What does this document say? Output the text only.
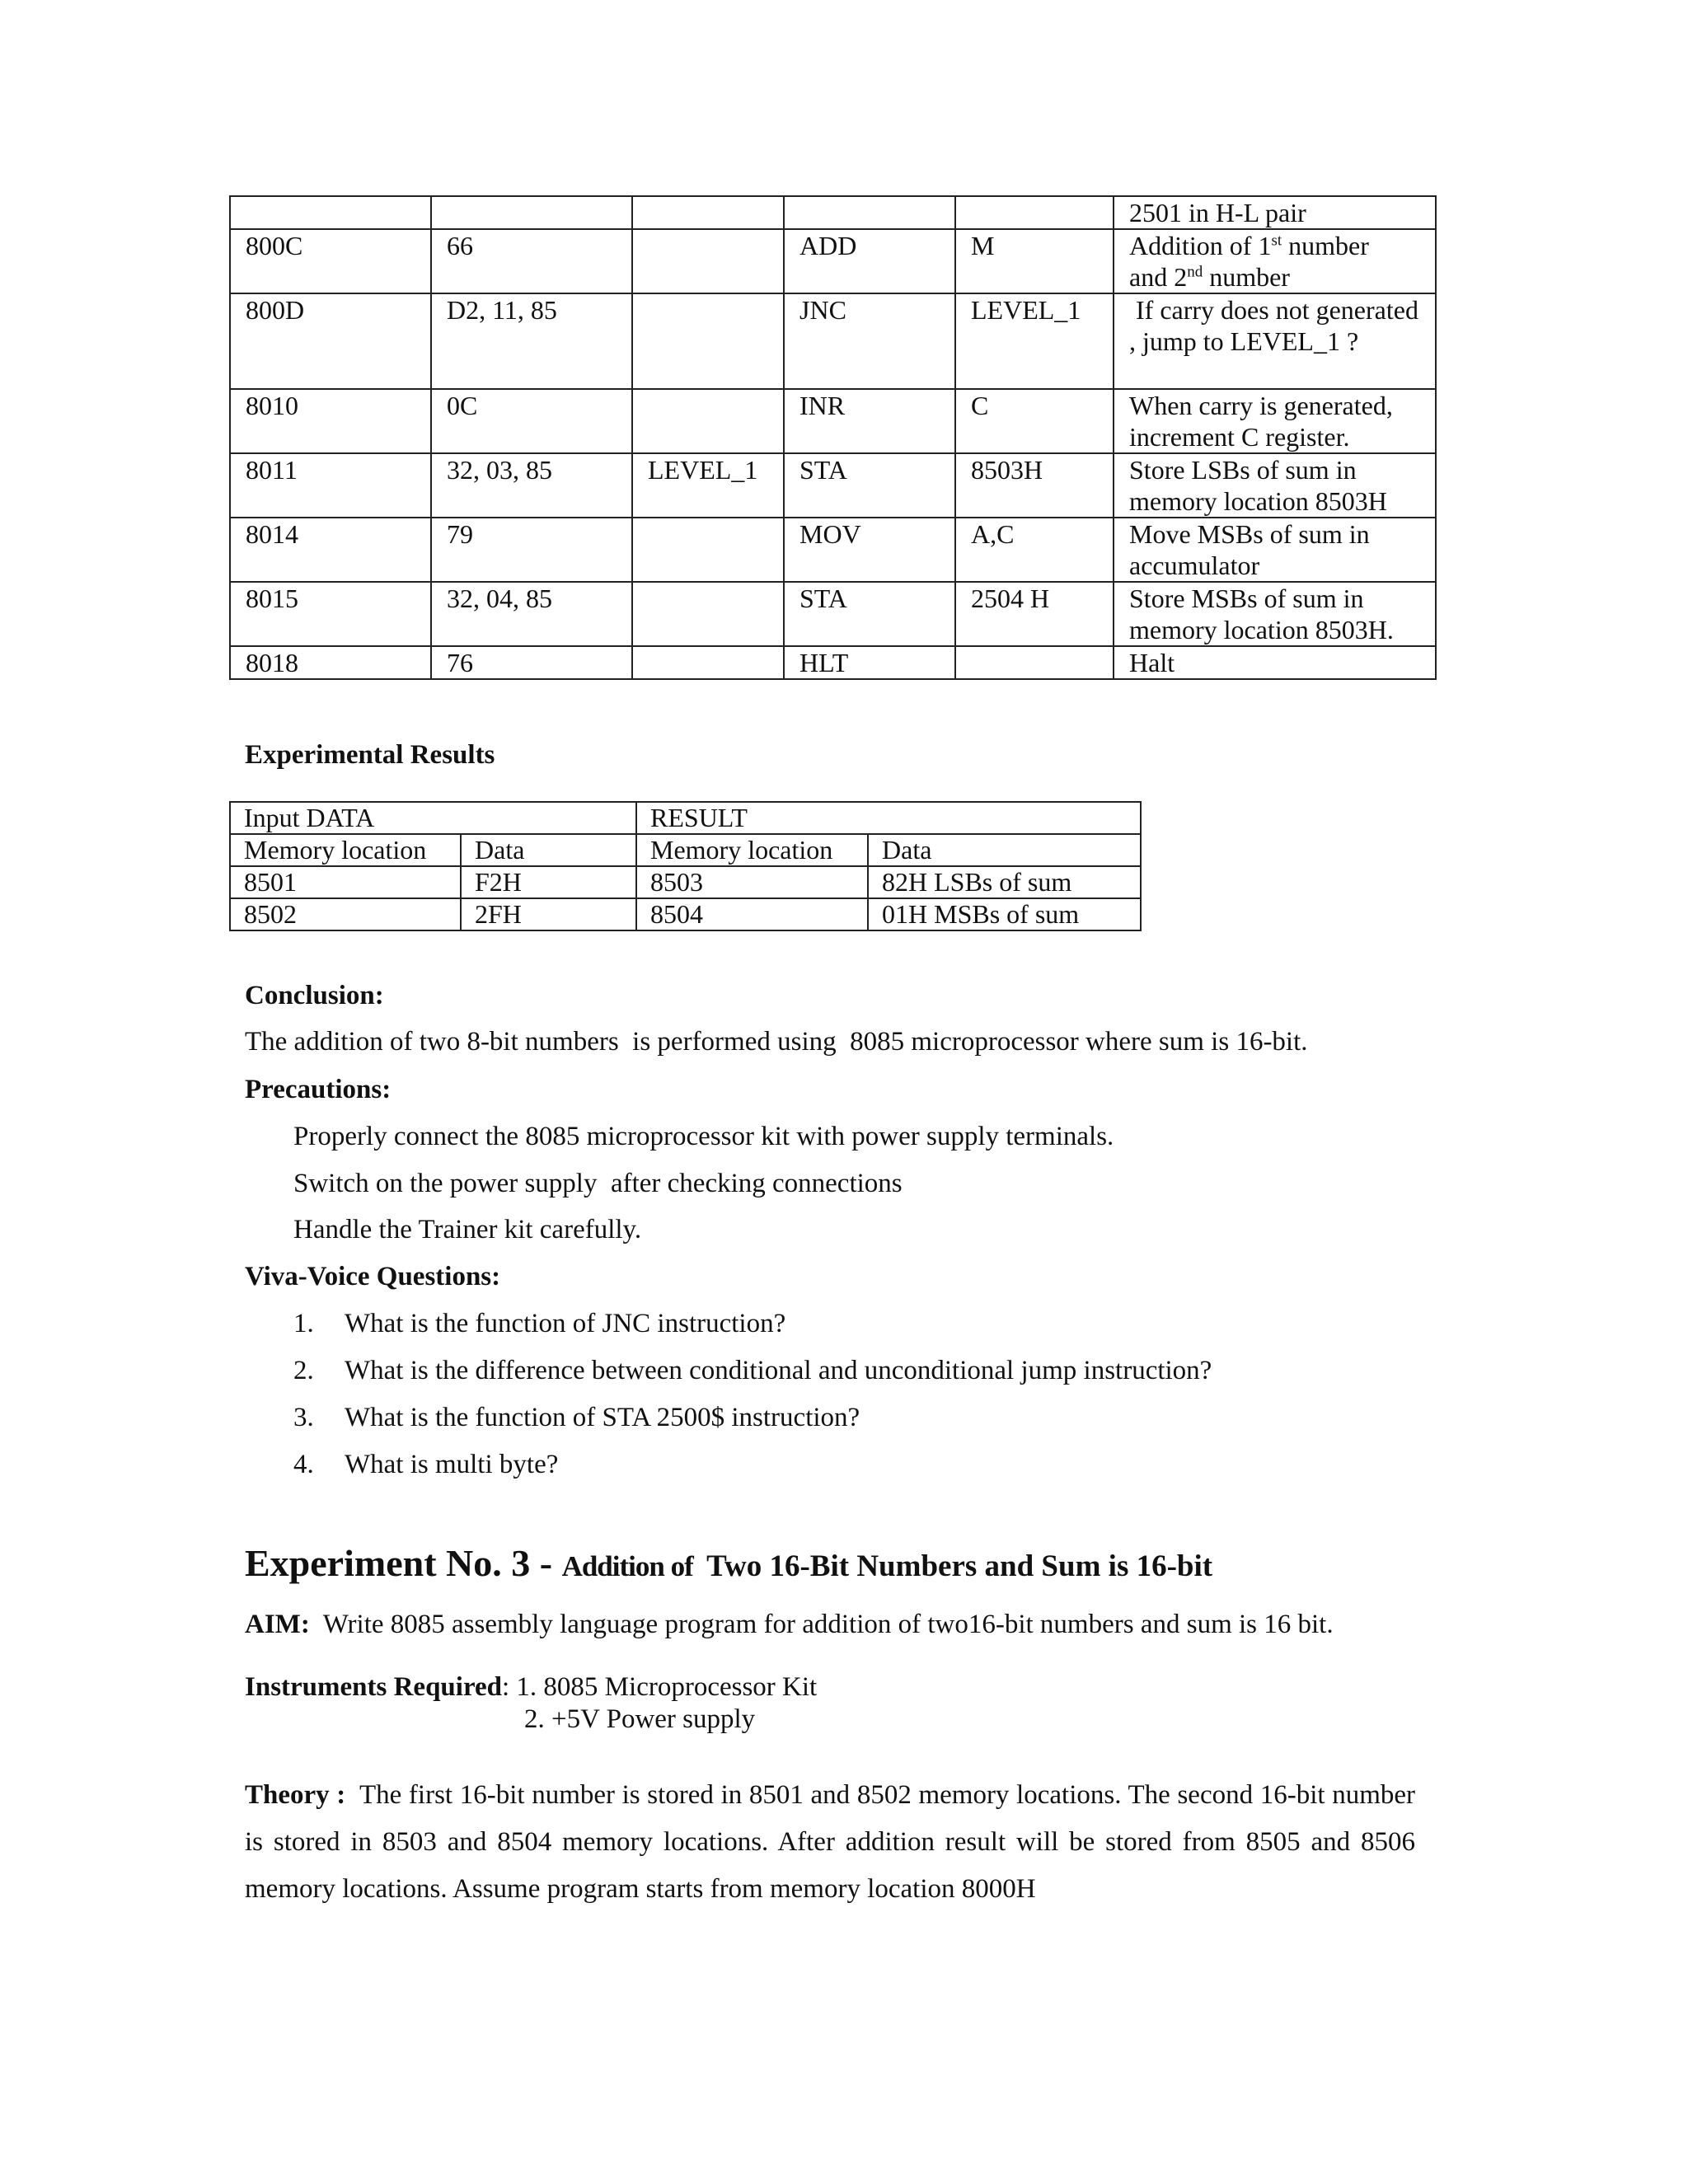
					2501 in H-L pair
800C	66		ADD	M	Addition of 1st number
and 2nd number
800D	D2, 11, 85		JNC	LEVEL_1	If carry does not generated , jump to LEVEL_1 ?
8010	0C		INR	C	When carry is generated, increment C register.
8011	32, 03, 85	LEVEL_1	STA	8503H	Store LSBs of sum in memory location 8503H
8014	79		MOV	A,C	Move MSBs of sum in accumulator
8015	32, 04, 85		STA	2504 H	Store MSBs of sum in memory location 8503H.
8018	76		HLT		Halt
Experimental Results
Input DATA		RESULT	
Memory location	Data	Memory location	Data
8501	F2H	8503	82H LSBs of sum
8502	2FH	8504	01H MSBs of sum
Conclusion:
The addition of two 8-bit numbers  is performed using  8085 microprocessor where sum is 16-bit.
Precautions:
Properly connect the 8085 microprocessor kit with power supply terminals.
Switch on the power supply  after checking connections
Handle the Trainer kit carefully.
Viva-Voice Questions:
1. What is the function of JNC instruction?
2. What is the difference between conditional and unconditional jump instruction?
3. What is the function of STA 2500$ instruction?
4. What is multi byte?
Experiment No. 3 - Addition of  Two 16-Bit Numbers and Sum is 16-bit
AIM:  Write 8085 assembly language program for addition of two16-bit numbers and sum is 16 bit.
Instruments Required: 1. 8085 Microprocessor Kit
2. +5V Power supply
Theory :  The first 16-bit number is stored in 8501 and 8502 memory locations. The second 16-bit number
is stored in 8503 and 8504 memory locations. After addition result will be stored from 8505 and 8506
memory locations. Assume program starts from memory location 8000H
